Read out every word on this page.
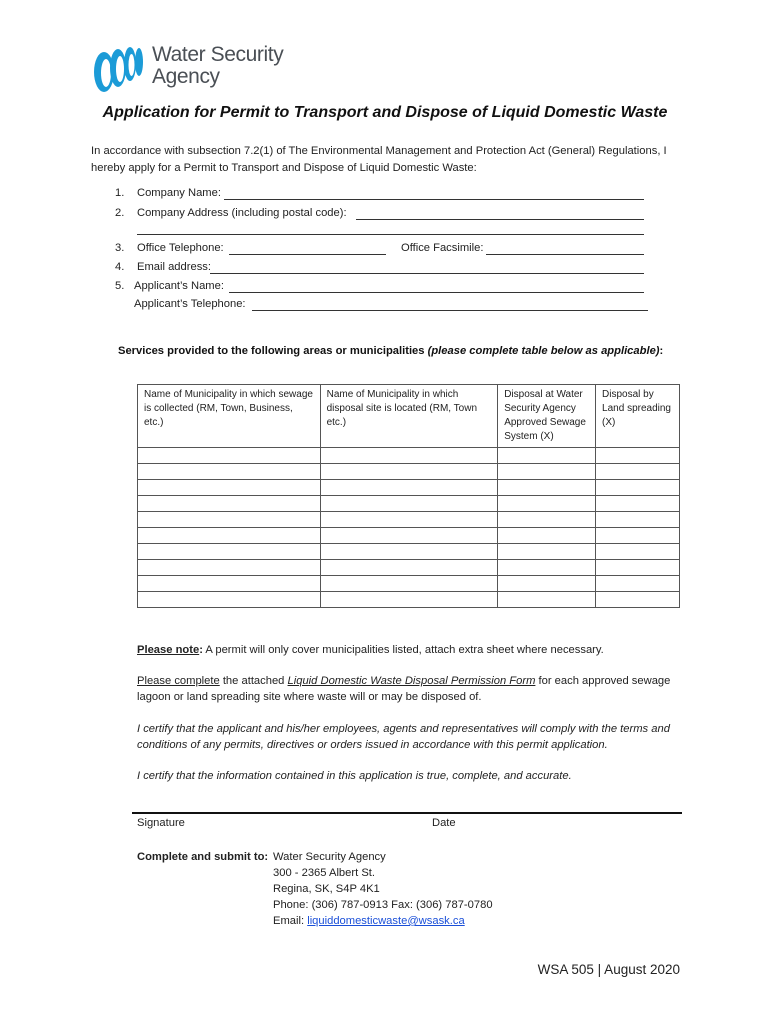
Water Security
Agency
Application for Permit to Transport and Dispose of Liquid Domestic Waste
In accordance with subsection 7.2(1) of The Environmental Management and Protection Act (General) Regulations, I hereby apply for a Permit to Transport and Dispose of Liquid Domestic Waste:
1. Company Name:
2. Company Address (including postal code):
3. Office Telephone:	Office Facsimile:
4. Email address:
5. Applicant’s Name:
Applicant’s Telephone:
Services provided to the following areas or municipalities (please complete table below as applicable):
Name of Municipality in which sewage is collected (RM, Town, Business, etc.)	Name of Municipality in which disposal site is located (RM, Town etc.)	Disposal at Water Security Agency Approved Sewage System (X)	Disposal by Land spreading (X)

Please note: A permit will only cover municipalities listed, attach extra sheet where necessary.
Please complete the attached Liquid Domestic Waste Disposal Permission Form for each approved sewage lagoon or land spreading site where waste will or may be disposed of.
I certify that the applicant and his/her employees, agents and representatives will comply with the terms and conditions of any permits, directives or orders issued in accordance with this permit application.
I certify that the information contained in this application is true, complete, and accurate.
Signature	Date
Complete and submit to: Water Security Agency
300 - 2365 Albert St.
Regina, SK, S4P 4K1
Phone: (306) 787-0913 Fax: (306) 787-0780
Email: liquiddomesticwaste@wsask.ca
WSA 505 | August 2020
